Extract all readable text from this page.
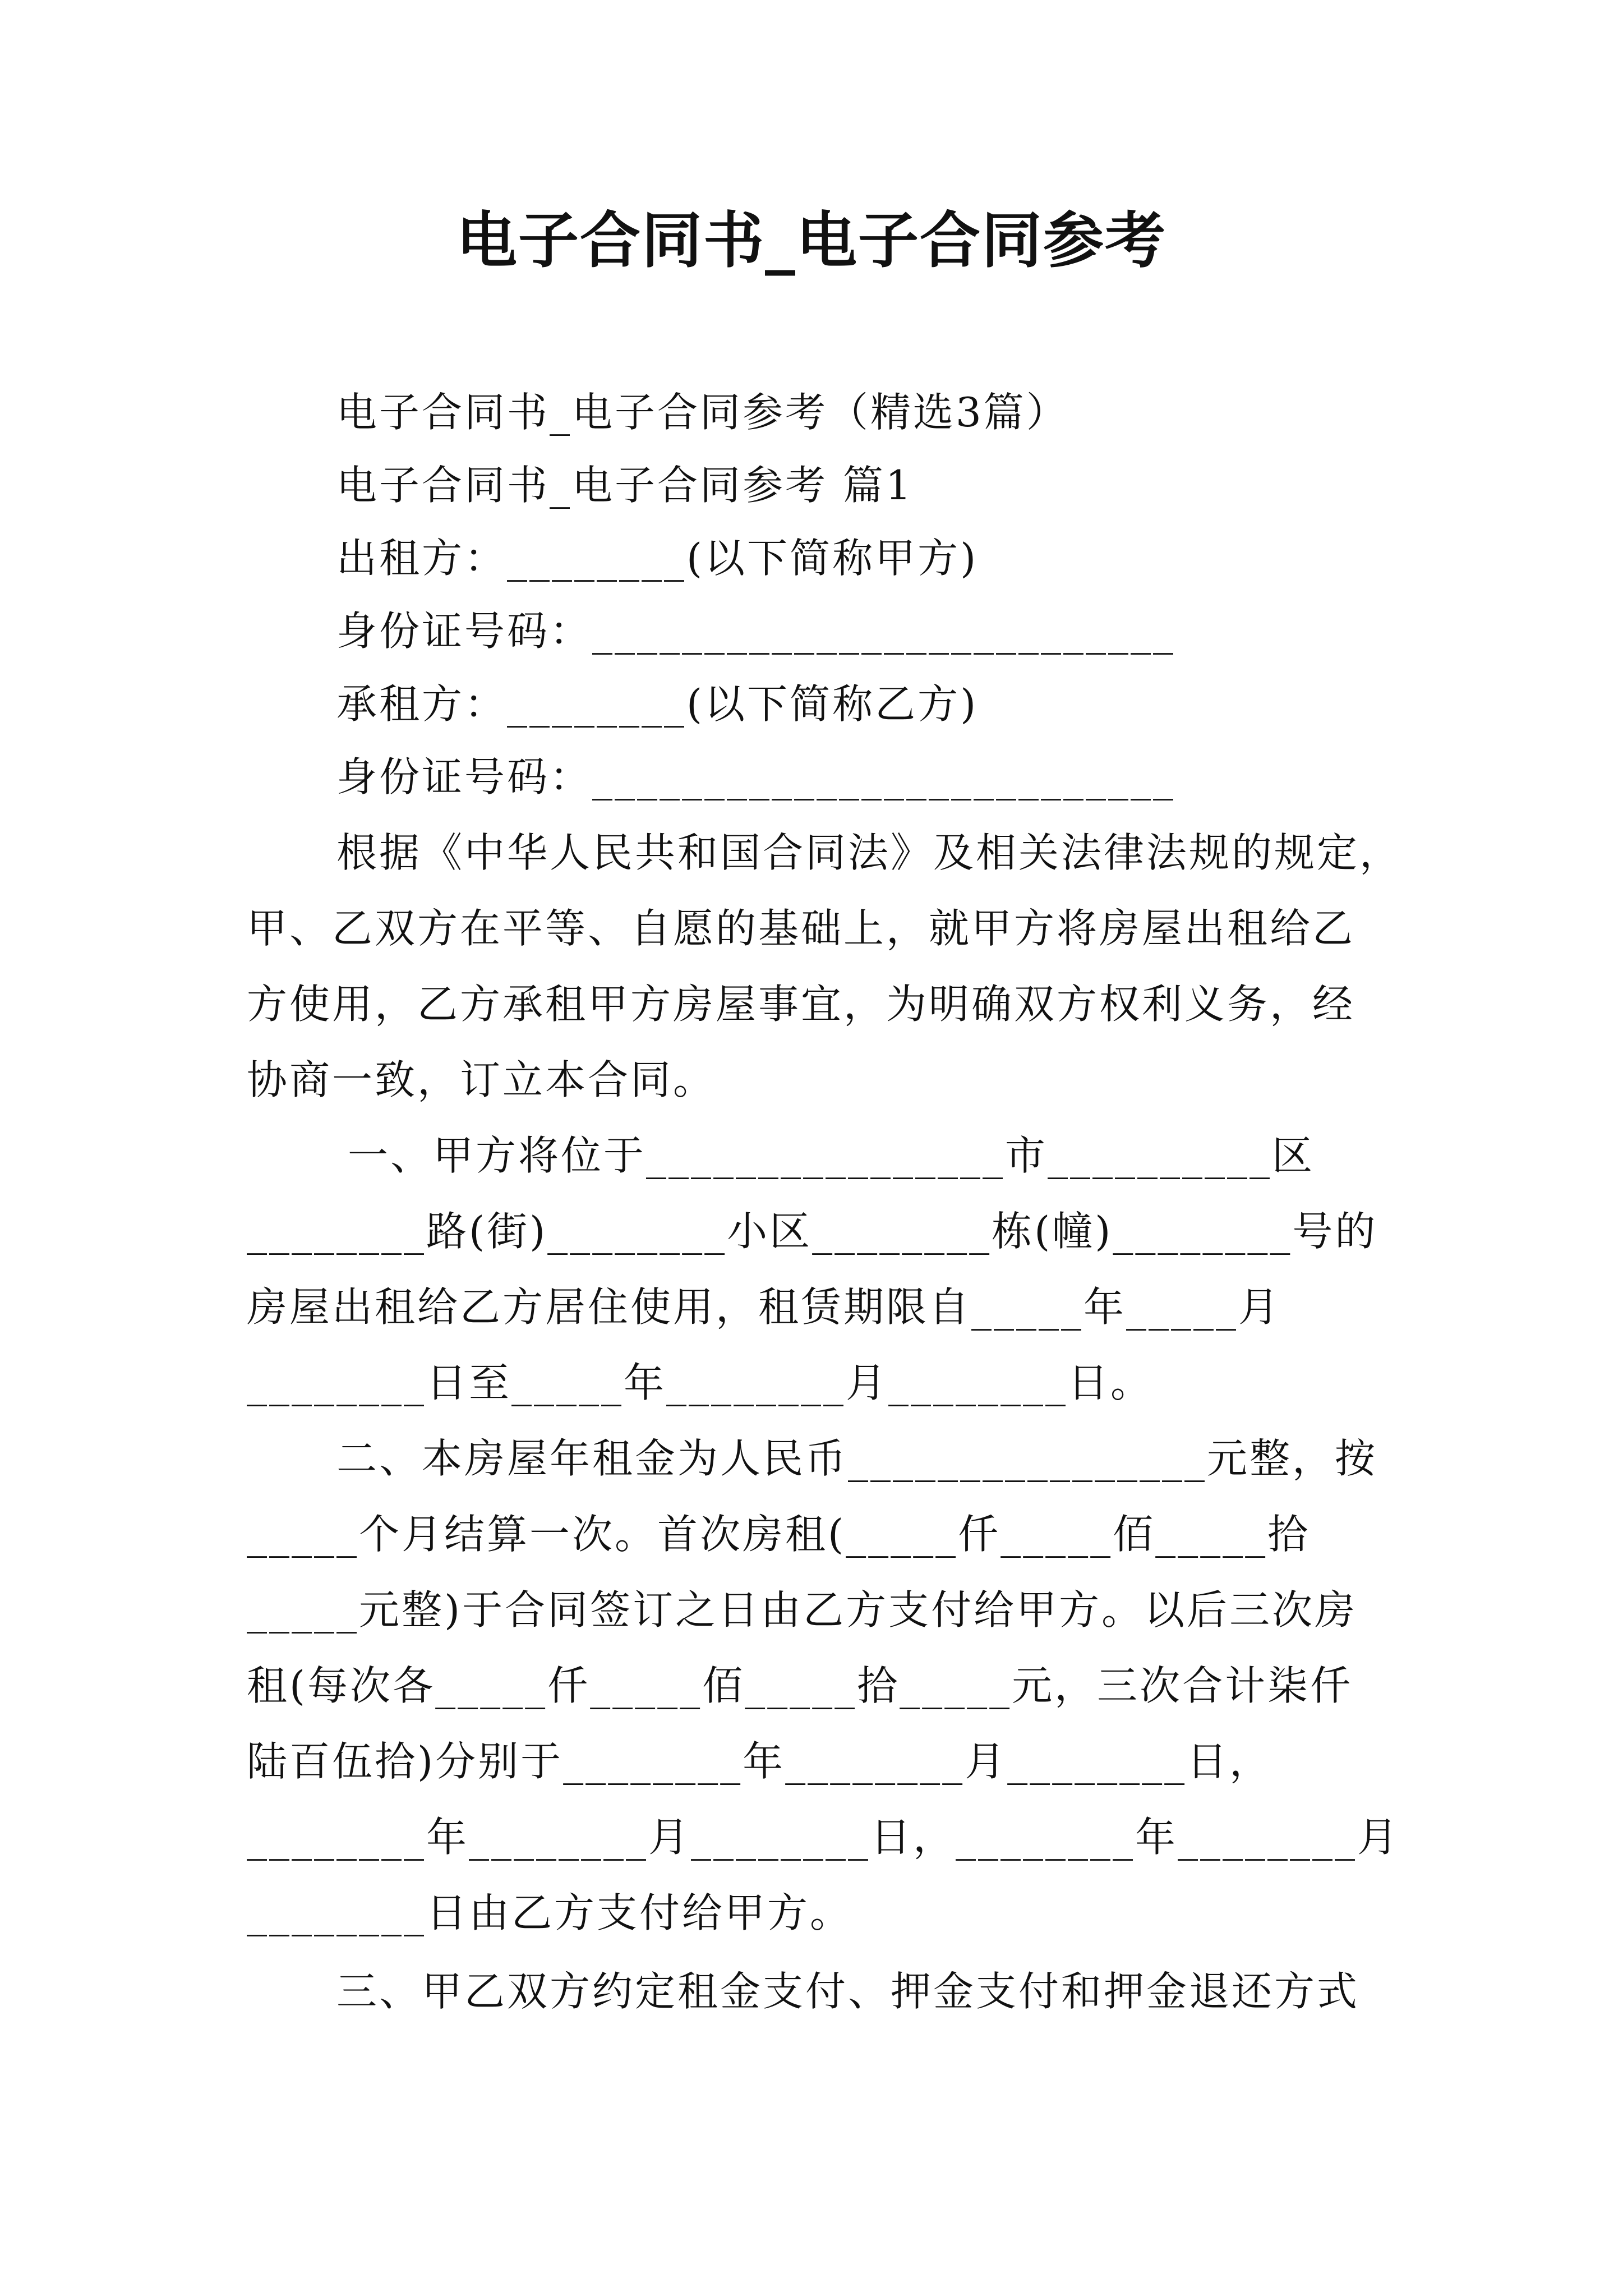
电子合同书_电子合同参考
电子合同书_电子合同参考（精选3篇）
电子合同书_电子合同参考 篇1
出租方：________(以下简称甲方)
身份证号码：__________________________
承租方：________(以下简称乙方)
身份证号码：__________________________
根据《中华人民共和国合同法》及相关法律法规的规定，
甲、乙双方在平等、自愿的基础上，就甲方将房屋出租给乙
方使用，乙方承租甲方房屋事宜，为明确双方权利义务，经
协商一致，订立本合同。
一、甲方将位于________________市__________区
________路(街)________小区________栋(幢)________号的
房屋出租给乙方居住使用，租赁期限自_____年_____月
________日至_____年________月________日。
二、本房屋年租金为人民币________________元整，按
_____个月结算一次。首次房租(_____仟_____佰_____拾
_____元整)于合同签订之日由乙方支付给甲方。以后三次房
租(每次各_____仟_____佰_____拾_____元，三次合计柒仟
陆百伍拾)分别于________年________月________日，
________年________月________日，________年________月
________日由乙方支付给甲方。
三、甲乙双方约定租金支付、押金支付和押金退还方式
